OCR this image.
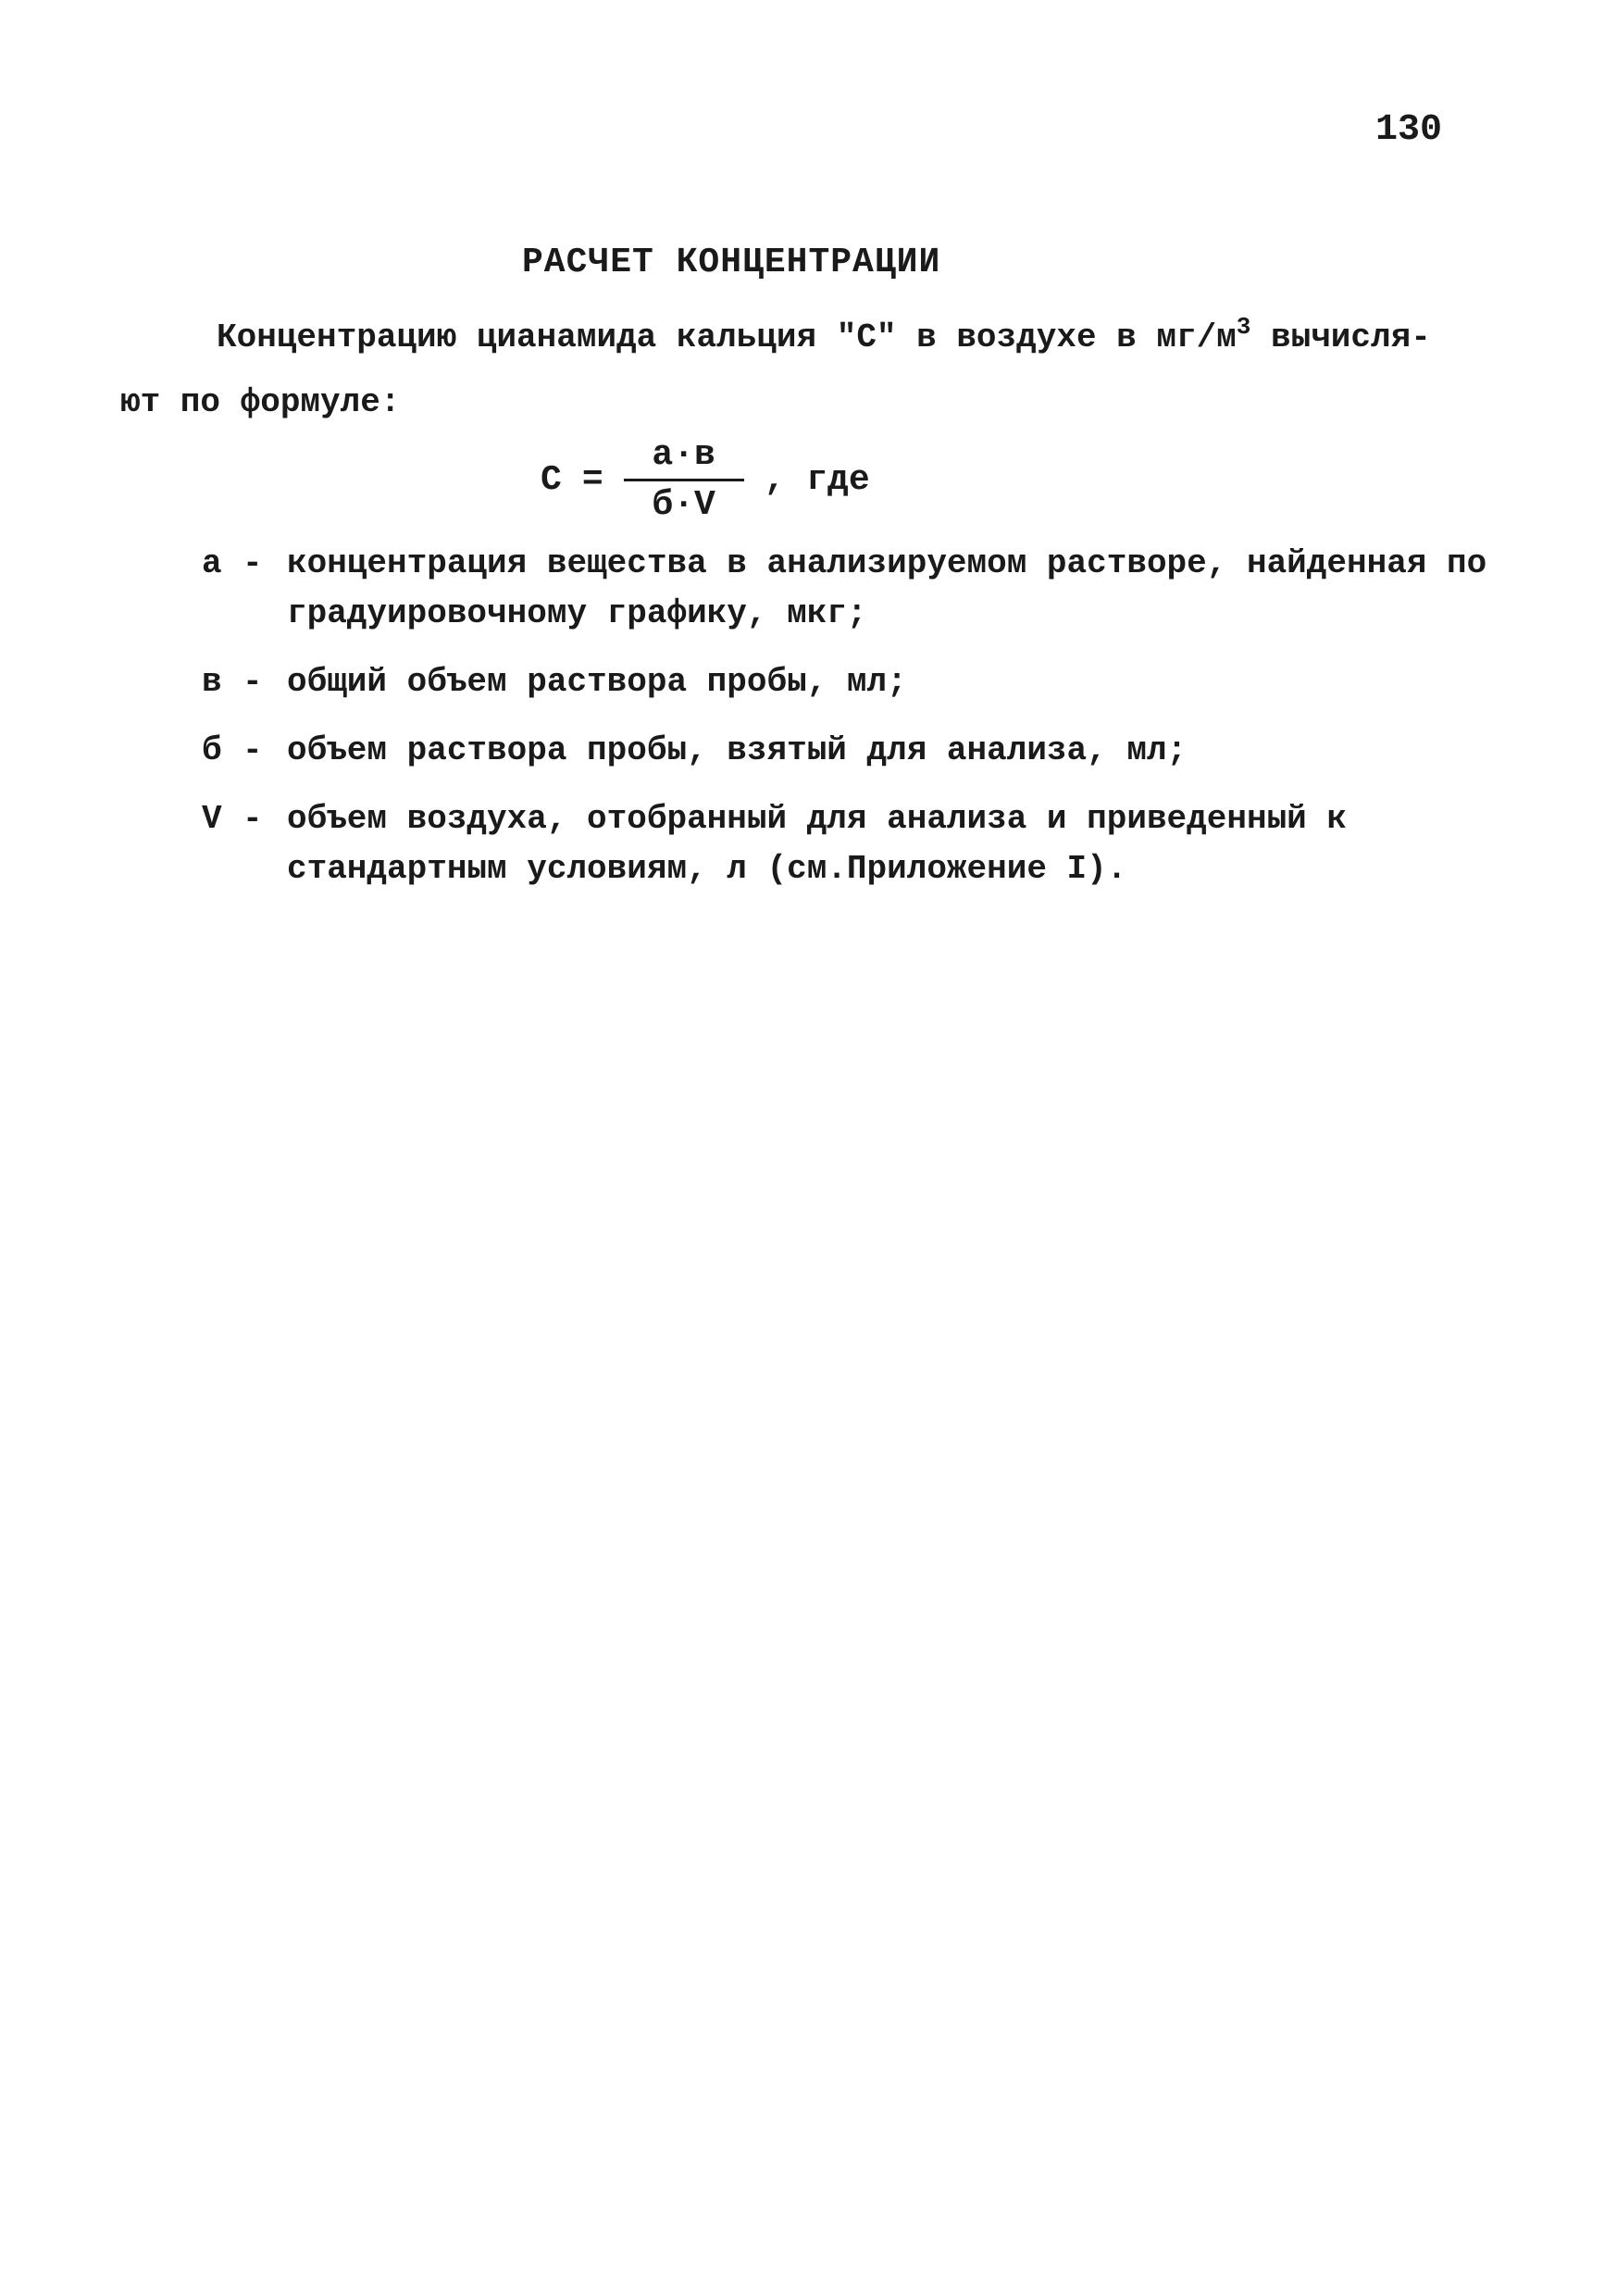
130
РАСЧЕТ КОНЦЕНТРАЦИИ
Концентрацию цианамида кальция "С" в воздухе в $мг/м^3$ вычисля-
ют по формуле:
$С = \frac{а\cdot в}{б\cdot V}$ , где
а - концентрация вещества в анализируемом растворе, найденная по градуировочному графику, мкг;
в - общий объем раствора пробы, мл;
б - объем раствора пробы, взятый для анализа, мл;
V - объем воздуха, отобранный для анализа и приведенный к стандартным условиям, л (см.Приложение I).
